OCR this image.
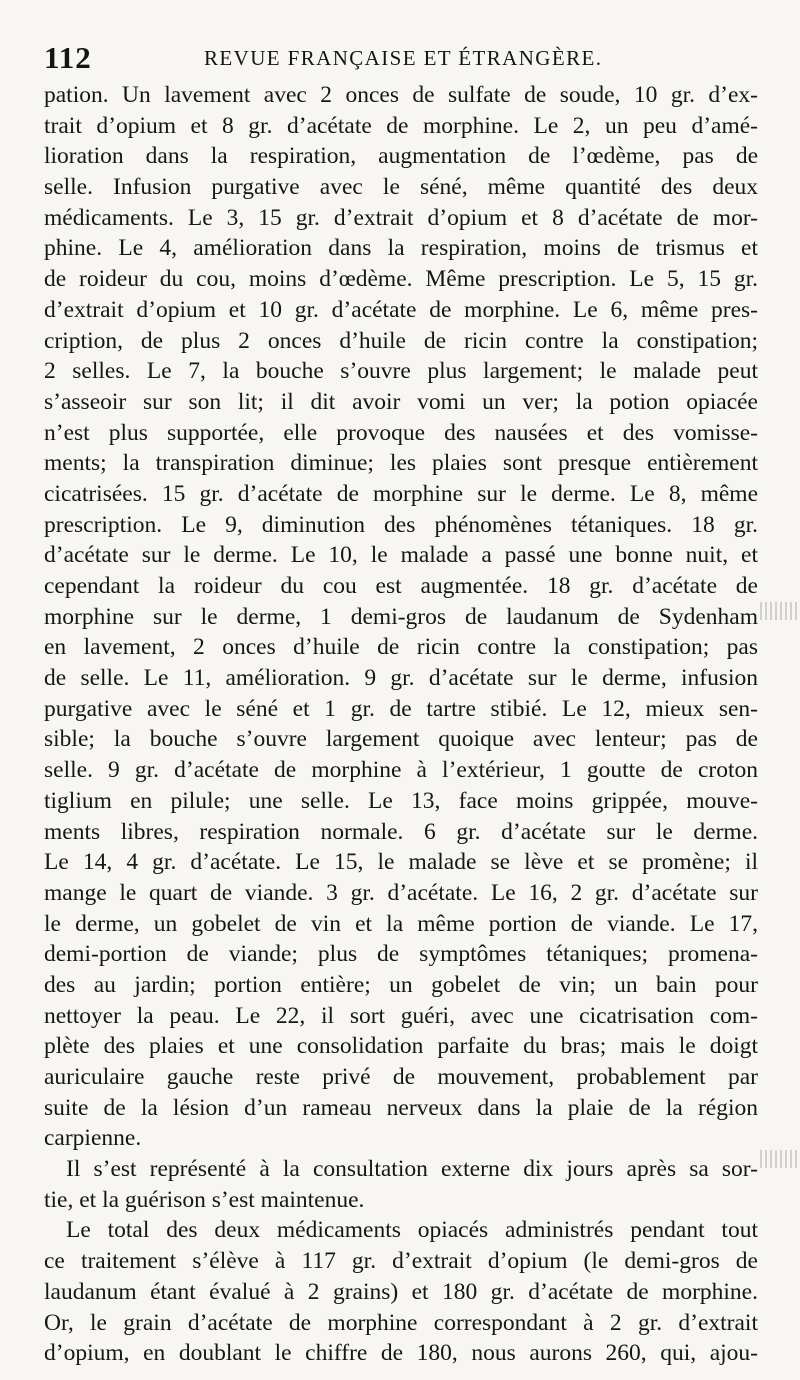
112	REVUE FRANÇAISE ET ÉTRANGÈRE.
pation. Un lavement avec 2 onces de sulfate de soude, 10 gr. d’ex-
trait d’opium et 8 gr. d’acétate de morphine. Le 2, un peu d’amé-
lioration dans la respiration, augmentation de l’œdème, pas de
selle. Infusion purgative avec le séné, même quantité des deux
médicaments. Le 3, 15 gr. d’extrait d’opium et 8 d’acétate de mor-
phine. Le 4, amélioration dans la respiration, moins de trismus et
de roideur du cou, moins d’œdème. Même prescription. Le 5, 15 gr.
d’extrait d’opium et 10 gr. d’acétate de morphine. Le 6, même pres-
cription, de plus 2 onces d’huile de ricin contre la constipation;
2 selles. Le 7, la bouche s’ouvre plus largement; le malade peut
s’asseoir sur son lit; il dit avoir vomi un ver; la potion opiacée
n’est plus supportée, elle provoque des nausées et des vomisse-
ments; la transpiration diminue; les plaies sont presque entièrement
cicatrisées. 15 gr. d’acétate de morphine sur le derme. Le 8, même
prescription. Le 9, diminution des phénomènes tétaniques. 18 gr.
d’acétate sur le derme. Le 10, le malade a passé une bonne nuit, et
cependant la roideur du cou est augmentée. 18 gr. d’acétate de
morphine sur le derme, 1 demi-gros de laudanum de Sydenham
en lavement, 2 onces d’huile de ricin contre la constipation; pas
de selle. Le 11, amélioration. 9 gr. d’acétate sur le derme, infusion
purgative avec le séné et 1 gr. de tartre stibié. Le 12, mieux sen-
sible; la bouche s’ouvre largement quoique avec lenteur; pas de
selle. 9 gr. d’acétate de morphine à l’extérieur, 1 goutte de croton
tiglium en pilule; une selle. Le 13, face moins grippée, mouve-
ments libres, respiration normale. 6 gr. d’acétate sur le derme.
Le 14, 4 gr. d’acétate. Le 15, le malade se lève et se promène; il
mange le quart de viande. 3 gr. d’acétate. Le 16, 2 gr. d’acétate sur
le derme, un gobelet de vin et la même portion de viande. Le 17,
demi-portion de viande; plus de symptômes tétaniques; promena-
des au jardin; portion entière; un gobelet de vin; un bain pour
nettoyer la peau. Le 22, il sort guéri, avec une cicatrisation com-
plète des plaies et une consolidation parfaite du bras; mais le doigt
auriculaire gauche reste privé de mouvement, probablement par
suite de la lésion d’un rameau nerveux dans la plaie de la région
carpienne.
Il s’est représenté à la consultation externe dix jours après sa sor-
tie, et la guérison s’est maintenue.
Le total des deux médicaments opiacés administrés pendant tout
ce traitement s’élève à 117 gr. d’extrait d’opium (le demi-gros de
laudanum étant évalué à 2 grains) et 180 gr. d’acétate de morphine.
Or, le grain d’acétate de morphine correspondant à 2 gr. d’extrait
d’opium, en doublant le chiffre de 180, nous aurons 260, qui, ajou-
